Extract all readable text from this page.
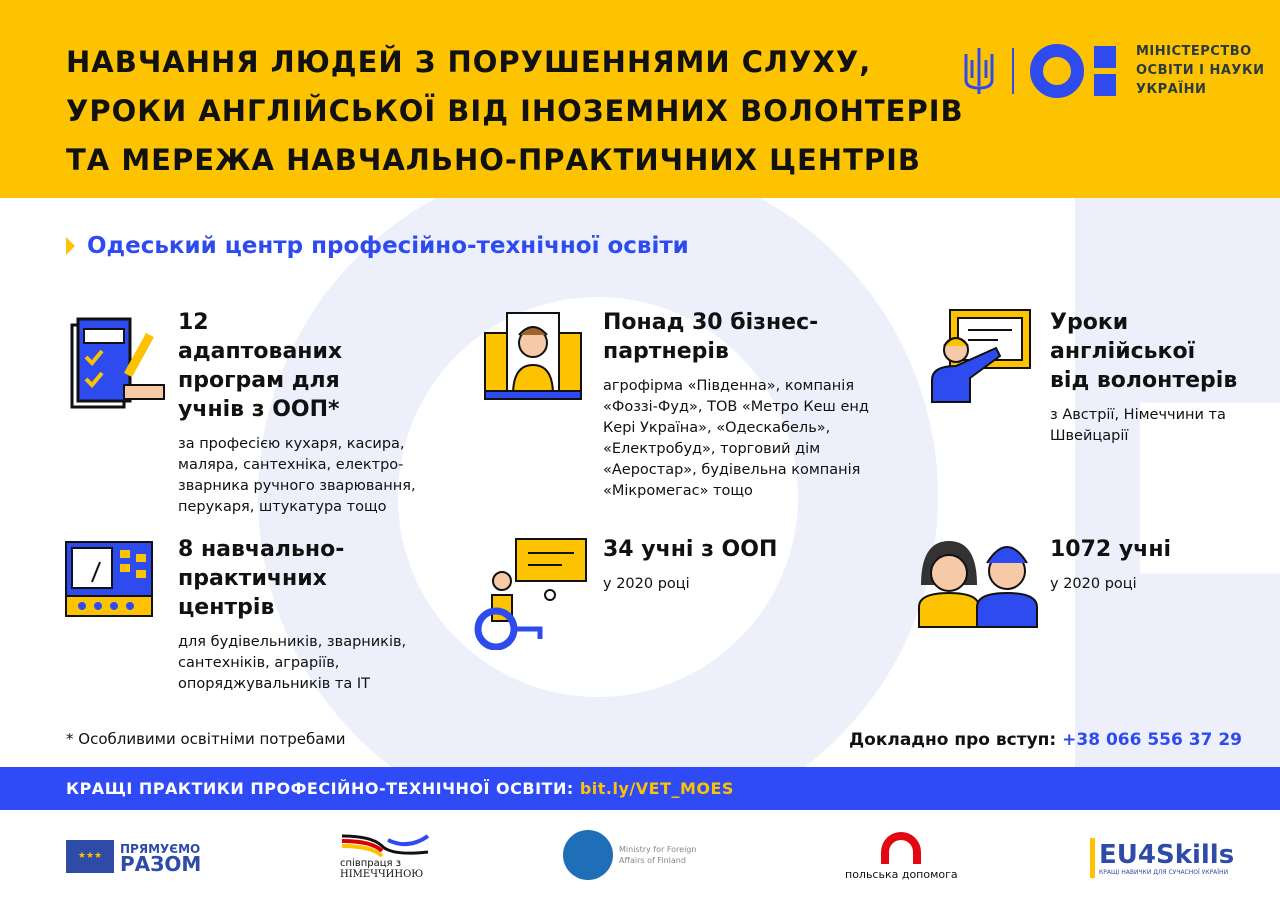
НАВЧАННЯ ЛЮДЕЙ З ПОРУШЕННЯМИ СЛУХУ,
УРОКИ АНГЛІЙСЬКОЇ ВІД ІНОЗЕМНИХ ВОЛОНТЕРІВ
ТА МЕРЕЖА НАВЧАЛЬНО-ПРАКТИЧНИХ ЦЕНТРІВ
МІНІСТЕРСТВО
ОСВІТИ І НАУКИ
УКРАЇНИ
Одеський центр професійно-технічної освіти
12 адаптованих програм для учнів з ООП*

за професією кухаря, касира, маляра, сантехніка, електро-зварника ручного зварювання, перукаря, штукатура тощо

Понад 30 бізнес-партнерів

агрофірма «Південна», компанія «Фоззі-Фуд», ТОВ «Метро Кеш енд Кері Україна», «Одескабель», «Електробуд», торговий дім «Аеростар», будівельна компанія «Мікромегас» тощо

Уроки англійської від волонтерів

з Австрії, Німеччини та Швейцарії

8 навчально-практичних центрів

для будівельників, зварників, сантехніків, аграріїв, опоряджувальників та ІТ

34 учні з ООП

у 2020 році

1072 учні

у 2020 році

* Особливими освітніми потребами	Докладно про вступ: +38 066 556 37 29
КРАЩІ ПРАКТИКИ ПРОФЕСІЙНО-ТЕХНІЧНОЇ ОСВІТИ: bit.ly/VET_MOES
★★★
ПРЯМУЄМО
РАЗОМ	співпраця з
НІМЕЧЧИНОЮ
Ministry for Foreign
Affairs of Finland
польська допомога
EU4Skills
КРАЩІ НАВИЧКИ ДЛЯ СУЧАСНОЇ УКРАЇНИ
